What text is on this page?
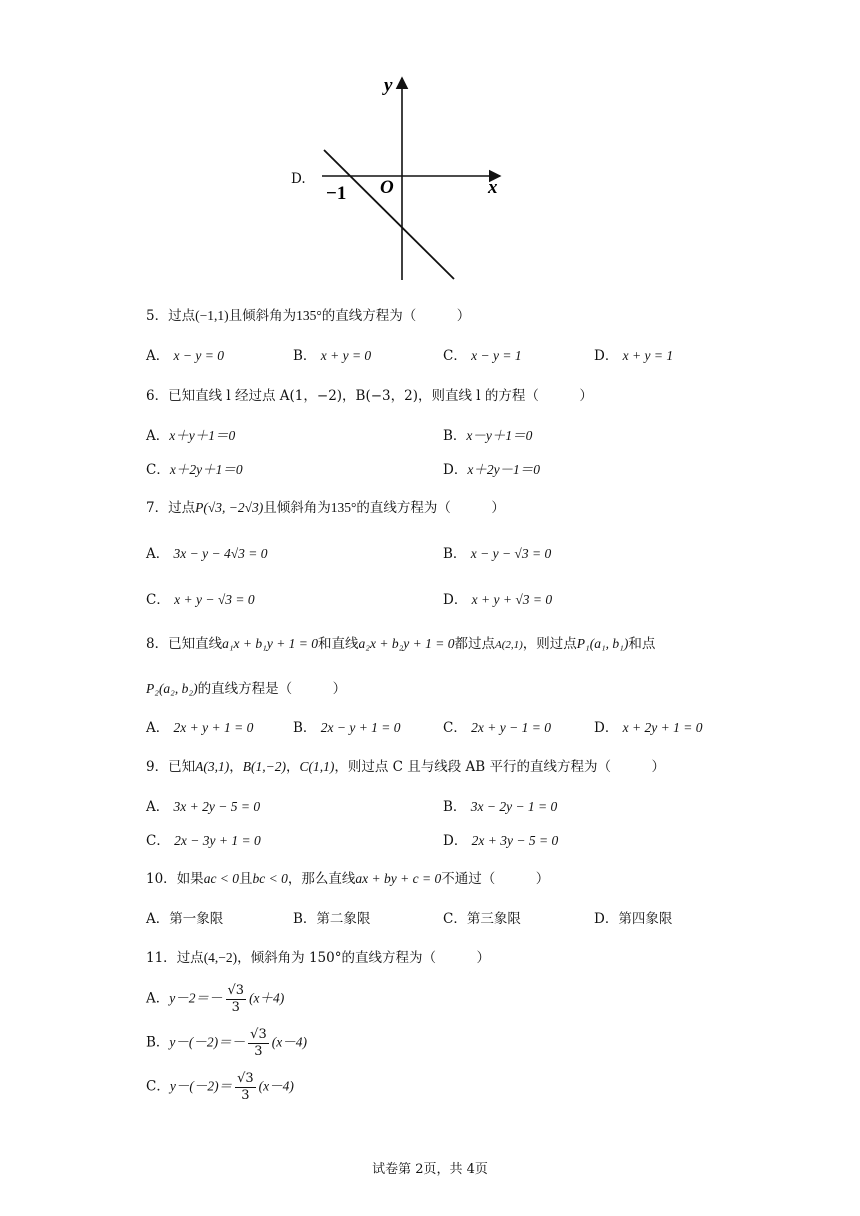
D.
y
x
O
−1
5．过点(−1,1)且倾斜角为135°的直线方程为（　　　）
A． x − y = 0	B． x + y = 0	C． x − y = 1	D． x + y = 1
6．已知直线 l 经过点 A(1，−2)，B(−3，2)，则直线 l 的方程（　　　）
A．x＋y＋1＝0	B．x－y＋1＝0
C．x＋2y＋1＝0	D．x＋2y－1＝0
7．过点P(√3, −2√3)且倾斜角为135°的直线方程为（　　　）
A． 3x − y − 4√3 = 0	B． x − y − √3 = 0
C． x + y − √3 = 0	D． x + y + √3 = 0
8．已知直线a₁x + b₁y + 1 = 0和直线a₂x + b₂y + 1 = 0都过点A(2,1)，则过点P₁(a₁, b₁)和点
P₂(a₂, b₂)的直线方程是（　　　）
A． 2x + y + 1 = 0	B． 2x − y + 1 = 0	C． 2x + y − 1 = 0	D． x + 2y + 1 = 0
9．已知A(3,1)，B(1,−2)，C(1,1)，则过点 C 且与线段 AB 平行的直线方程为（　　　）
A． 3x + 2y − 5 = 0	B． 3x − 2y − 1 = 0
C． 2x − 3y + 1 = 0	D． 2x + 3y − 5 = 0
10．如果ac < 0且bc < 0，那么直线ax + by + c = 0不通过（　　　）
A．第一象限	B．第二象限	C．第三象限	D．第四象限
11．过点(4,−2)，倾斜角为 150°的直线方程为（　　　）
A．$y-2=- \frac{√3}{3} (x+4)$
B．$y-(-2)=- \frac{√3}{3} (x-4)$
C．$y-(-2)= \frac{√3}{3} (x-4)$
试卷第 2页，共 4页
